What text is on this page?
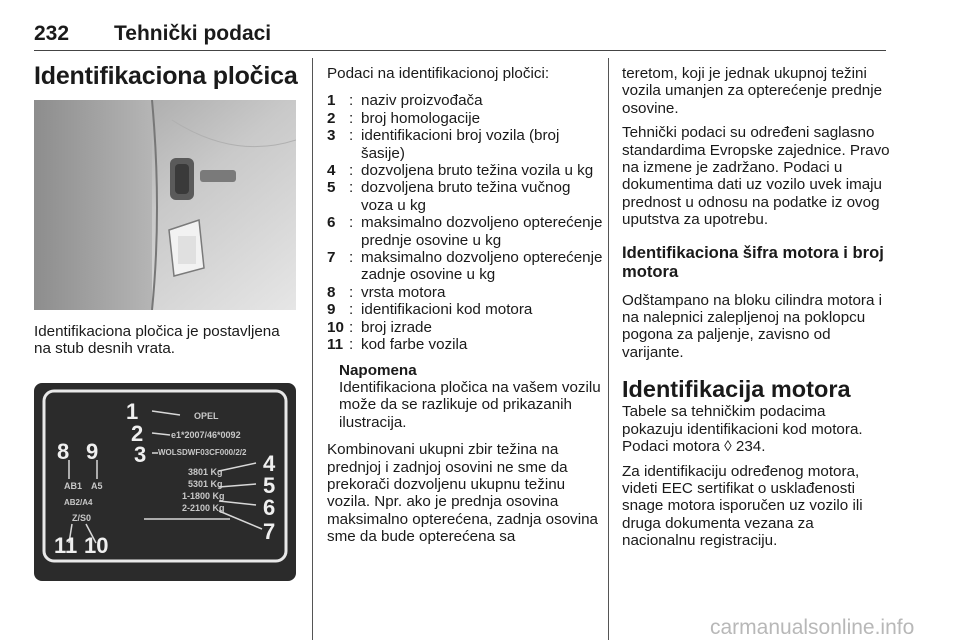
232 Tehnički podaci
Identifikaciona pločica
Identifikaciona pločica je postavljena na stub desnih vrata.
OPEL
e1*2007/46*0092
WOLSDWF03CF000/2/2
3801 Kg
5301 Kg
1-1800 Kg
2-2100 Kg
AB1 A5
AB2/A4
Z/S0
1
2
3	4
5
6
7
8 9
10
11
Podaci na identifikacionoj pločici:
1 : naziv proizvođača
2 : broj homologacije
3 : identifikacioni broj vozila (broj šasije)
4 : dozvoljena bruto težina vozila u kg
5 : dozvoljena bruto težina vučnog voza u kg
6 : maksimalno dozvoljeno opterećenje prednje osovine u kg
7 : maksimalno dozvoljeno opterećenje zadnje osovine u kg
8 : vrsta motora
9 : identifikacioni kod motora
10 : broj izrade
11 : kod farbe vozila
Napomena
Identifikaciona pločica na vašem vozilu može da se razlikuje od prikazanih ilustracija.
Kombinovani ukupni zbir težina na prednjoj i zadnjoj osovini ne sme da prekorači dozvoljenu ukupnu težinu vozila. Npr. ako je prednja osovina maksimalno opterećena, zadnja osovina sme da bude opterećena sa
teretom, koji je jednak ukupnoj težini vozila umanjen za opterećenje prednje osovine.
Tehnički podaci su određeni saglasno standardima Evropske zajednice. Pravo na izmene je zadržano. Podaci u dokumentima dati uz vozilo uvek imaju prednost u odnosu na podatke iz ovog uputstva za upotrebu.
Identifikaciona šifra motora i broj motora
Odštampano na bloku cilindra motora i na nalepnici zalepljenoj na poklopcu pogona za paljenje, zavisno od varijante.
Identifikacija motora
Tabele sa tehničkim podacima pokazuju identifikacioni kod motora. Podaci motora ◊ 234.
Za identifikaciju određenog motora, videti EEC sertifikat o usklađenosti snage motora isporučen uz vozilo ili druga dokumenta vezana za nacionalnu registraciju.
carmanualsonline.info
